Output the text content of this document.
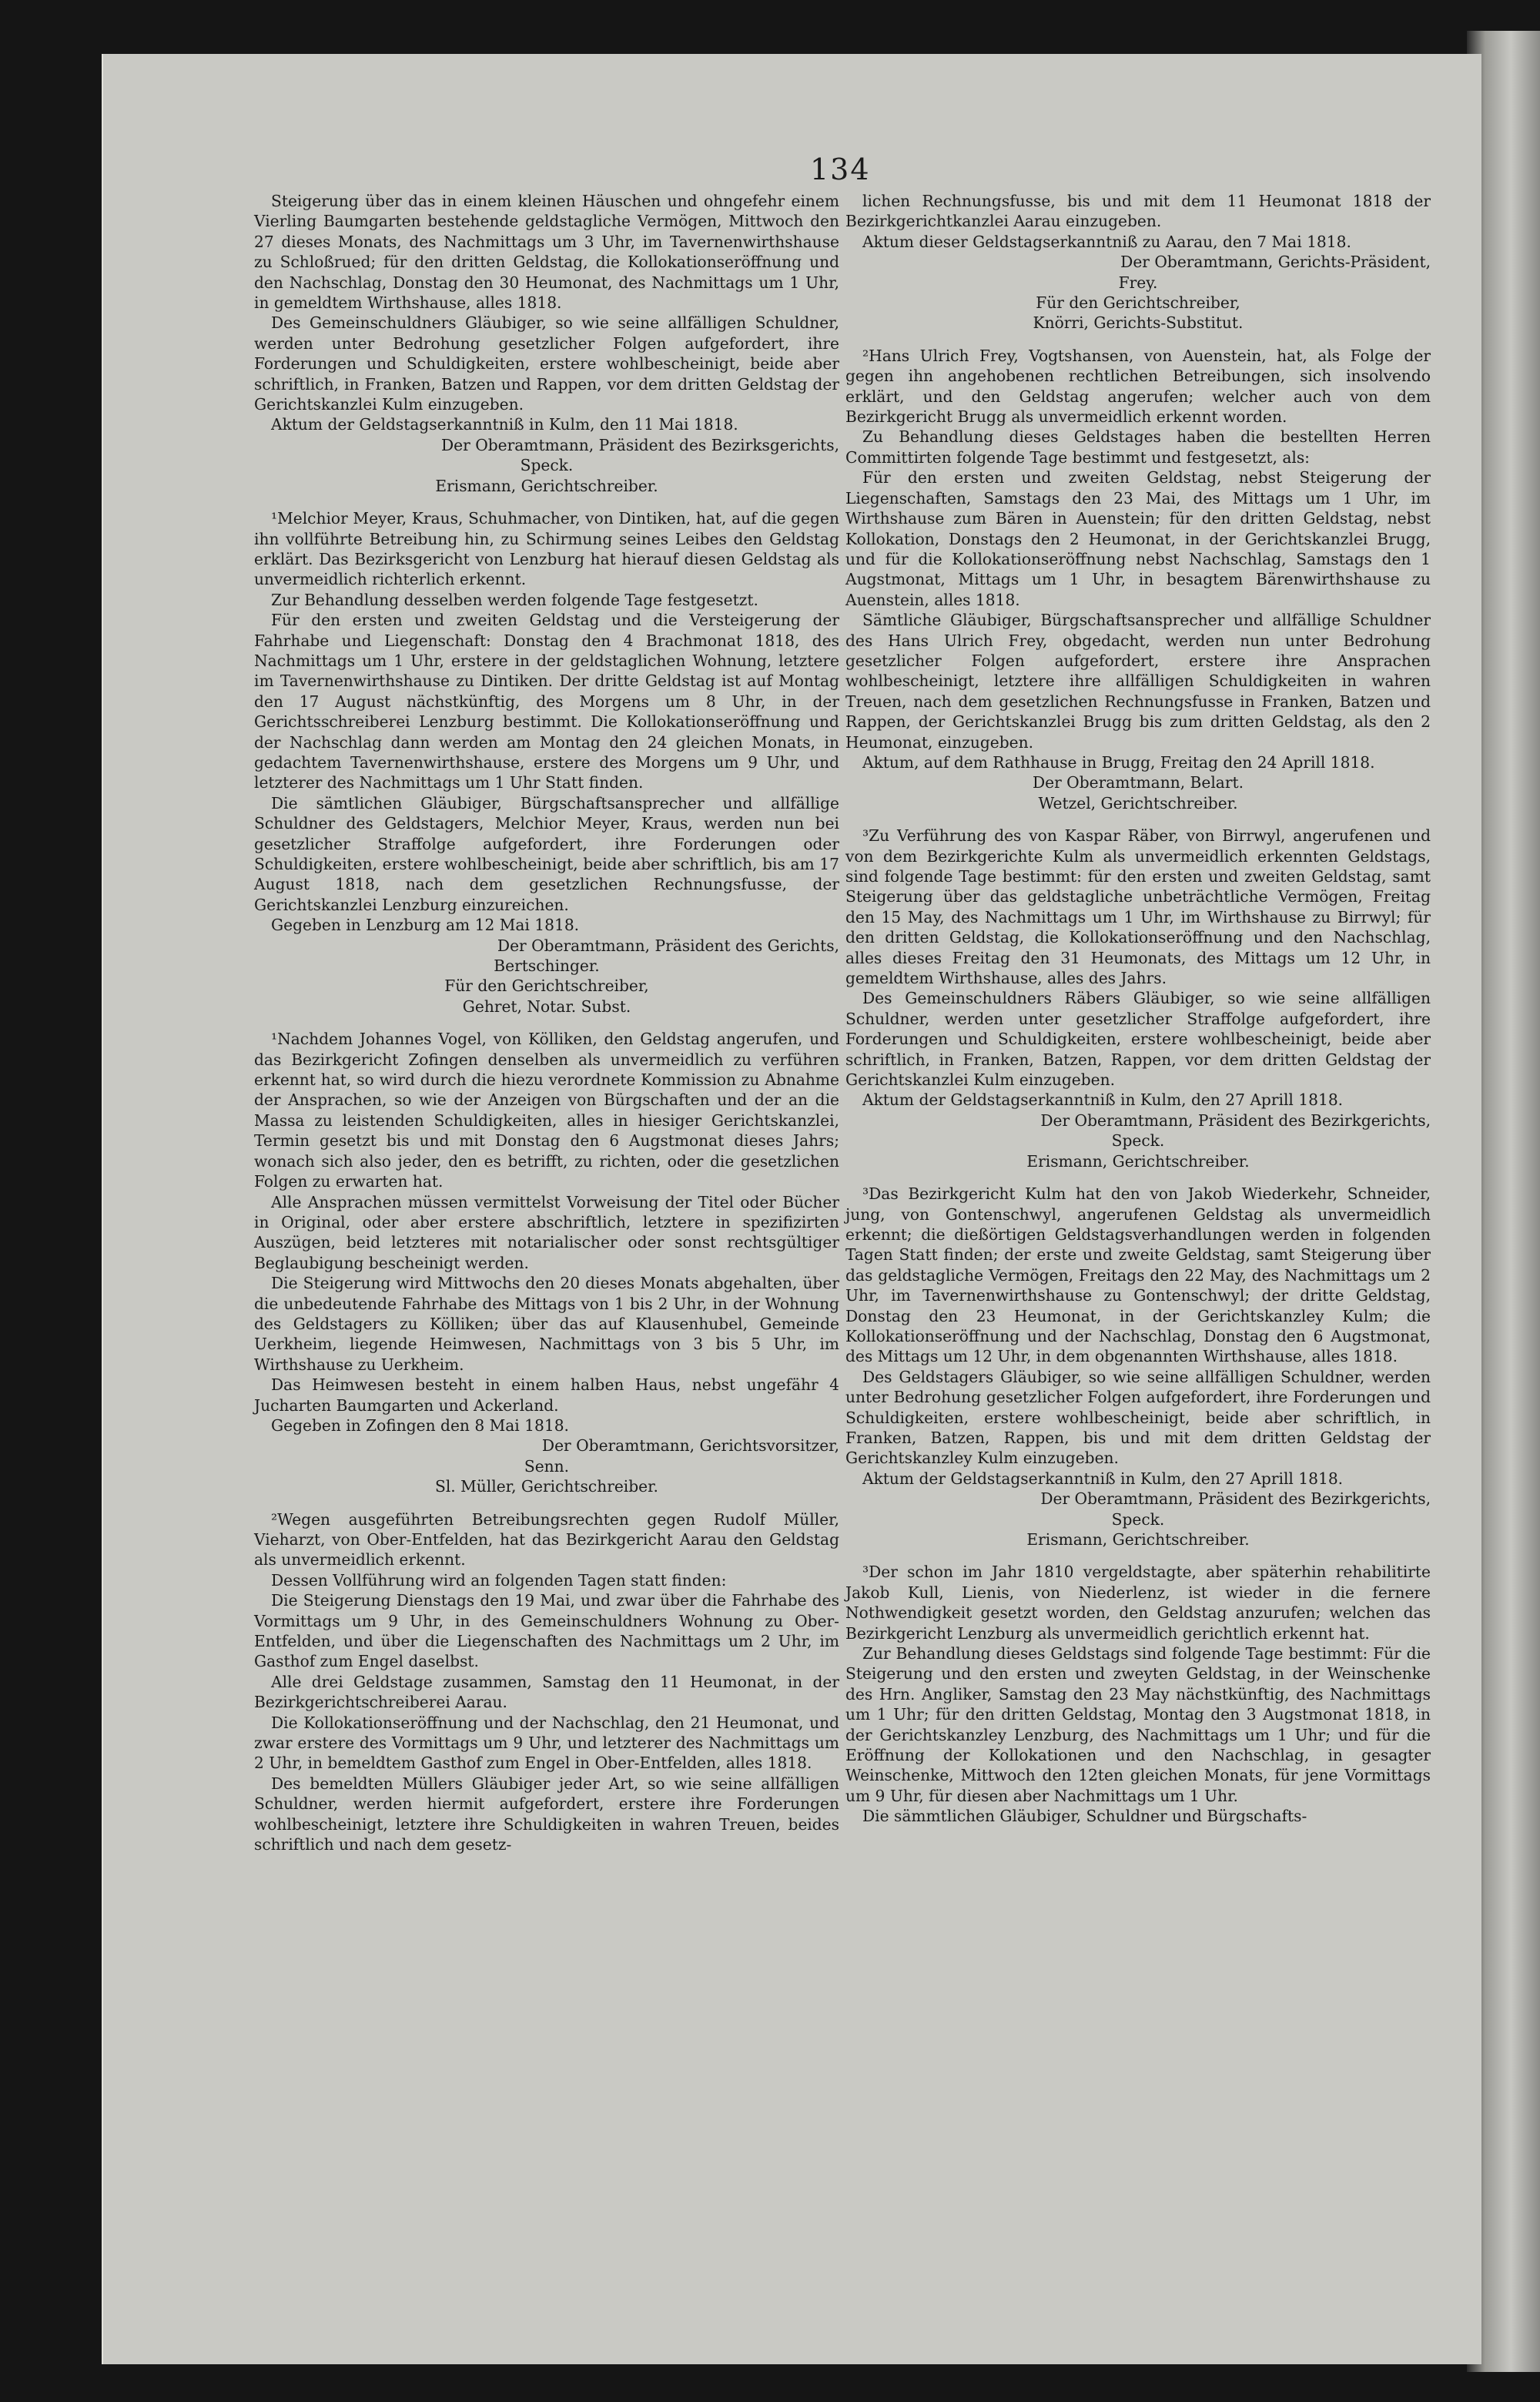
134

Steigerung über das in einem kleinen Häuschen und ohngefehr einem Vierling Baumgarten bestehende geldstagliche Vermögen, Mittwoch den 27 dieses Monats, des Nachmittags um 3 Uhr, im Tavernenwirthshause zu Schloßrued; für den dritten Geldstag, die Kollokationseröffnung und den Nachschlag, Donstag den 30 Heumonat, des Nachmittags um 1 Uhr, in gemeldtem Wirthshause, alles 1818.

Des Gemeinschuldners Gläubiger, so wie seine allfälligen Schuldner, werden unter Bedrohung gesetzlicher Folgen aufgefordert, ihre Forderungen und Schuldigkeiten, erstere wohlbescheinigt, beide aber schriftlich, in Franken, Batzen und Rappen, vor dem dritten Geldstag der Gerichtskanzlei Kulm einzugeben.

Aktum der Geldstagserkanntniß in Kulm, den 11 Mai 1818.

Der Oberamtmann, Präsident des Bezirksgerichts,

Speck.

Erismann, Gerichtschreiber.

¹Melchior Meyer, Kraus, Schuhmacher, von Dintiken, hat, auf die gegen ihn vollführte Betreibung hin, zu Schirmung seines Leibes den Geldstag erklärt. Das Bezirksgericht von Lenzburg hat hierauf diesen Geldstag als unvermeidlich richterlich erkennt.

Zur Behandlung desselben werden folgende Tage festgesetzt.

Für den ersten und zweiten Geldstag und die Versteigerung der Fahrhabe und Liegenschaft: Donstag den 4 Brachmonat 1818, des Nachmittags um 1 Uhr, erstere in der geldstaglichen Wohnung, letztere im Tavernenwirthshause zu Dintiken. Der dritte Geldstag ist auf Montag den 17 August nächstkünftig, des Morgens um 8 Uhr, in der Gerichtsschreiberei Lenzburg bestimmt. Die Kollokationseröffnung und der Nachschlag dann werden am Montag den 24 gleichen Monats, in gedachtem Tavernenwirthshause, erstere des Morgens um 9 Uhr, und letzterer des Nachmittags um 1 Uhr Statt finden.

Die sämtlichen Gläubiger, Bürgschaftsansprecher und allfällige Schuldner des Geldstagers, Melchior Meyer, Kraus, werden nun bei gesetzlicher Straffolge aufgefordert, ihre Forderungen oder Schuldigkeiten, erstere wohlbescheinigt, beide aber schriftlich, bis am 17 August 1818, nach dem gesetzlichen Rechnungsfusse, der Gerichtskanzlei Lenzburg einzureichen.

Gegeben in Lenzburg am 12 Mai 1818.

Der Oberamtmann, Präsident des Gerichts,

Bertschinger.

Für den Gerichtschreiber,

Gehret, Notar. Subst.

¹Nachdem Johannes Vogel, von Kölliken, den Geldstag angerufen, und das Bezirkgericht Zofingen denselben als unvermeidlich zu verführen erkennt hat, so wird durch die hiezu verordnete Kommission zu Abnahme der Ansprachen, so wie der Anzeigen von Bürgschaften und der an die Massa zu leistenden Schuldigkeiten, alles in hiesiger Gerichtskanzlei, Termin gesetzt bis und mit Donstag den 6 Augstmonat dieses Jahrs; wonach sich also jeder, den es betrifft, zu richten, oder die gesetzlichen Folgen zu erwarten hat.

Alle Ansprachen müssen vermittelst Vorweisung der Titel oder Bücher in Original, oder aber erstere abschriftlich, letztere in spezifizirten Auszügen, beid letzteres mit notarialischer oder sonst rechtsgültiger Beglaubigung bescheinigt werden.

Die Steigerung wird Mittwochs den 20 dieses Monats abgehalten, über die unbedeutende Fahrhabe des Mittags von 1 bis 2 Uhr, in der Wohnung des Geldstagers zu Kölliken; über das auf Klausenhubel, Gemeinde Uerkheim, liegende Heimwesen, Nachmittags von 3 bis 5 Uhr, im Wirthshause zu Uerkheim.

Das Heimwesen besteht in einem halben Haus, nebst ungefähr 4 Jucharten Baumgarten und Ackerland.

Gegeben in Zofingen den 8 Mai 1818.

Der Oberamtmann, Gerichtsvorsitzer,

Senn.

Sl. Müller, Gerichtschreiber.

²Wegen ausgeführten Betreibungsrechten gegen Rudolf Müller, Vieharzt, von Ober-Entfelden, hat das Bezirkgericht Aarau den Geldstag als unvermeidlich erkennt.

Dessen Vollführung wird an folgenden Tagen statt finden:

Die Steigerung Dienstags den 19 Mai, und zwar über die Fahrhabe des Vormittags um 9 Uhr, in des Gemeinschuldners Wohnung zu Ober-Entfelden, und über die Liegenschaften des Nachmittags um 2 Uhr, im Gasthof zum Engel daselbst.

Alle drei Geldstage zusammen, Samstag den 11 Heumonat, in der Bezirkgerichtschreiberei Aarau.

Die Kollokationseröffnung und der Nachschlag, den 21 Heumonat, und zwar erstere des Vormittags um 9 Uhr, und letzterer des Nachmittags um 2 Uhr, in bemeldtem Gasthof zum Engel in Ober-Entfelden, alles 1818.

Des bemeldten Müllers Gläubiger jeder Art, so wie seine allfälligen Schuldner, werden hiermit aufgefordert, erstere ihre Forderungen wohlbescheinigt, letztere ihre Schuldigkeiten in wahren Treuen, beides schriftlich und nach dem gesetz-

lichen Rechnungsfusse, bis und mit dem 11 Heumonat 1818 der Bezirkgerichtkanzlei Aarau einzugeben.

Aktum dieser Geldstagserkanntniß zu Aarau, den 7 Mai 1818.

Der Oberamtmann, Gerichts-Präsident,

Frey.

Für den Gerichtschreiber,

Knörri, Gerichts-Substitut.

²Hans Ulrich Frey, Vogtshansen, von Auenstein, hat, als Folge der gegen ihn angehobenen rechtlichen Betreibungen, sich insolvendo erklärt, und den Geldstag angerufen; welcher auch von dem Bezirkgericht Brugg als unvermeidlich erkennt worden.

Zu Behandlung dieses Geldstages haben die bestellten Herren Committirten folgende Tage bestimmt und festgesetzt, als:

Für den ersten und zweiten Geldstag, nebst Steigerung der Liegenschaften, Samstags den 23 Mai, des Mittags um 1 Uhr, im Wirthshause zum Bären in Auenstein; für den dritten Geldstag, nebst Kollokation, Donstags den 2 Heumonat, in der Gerichtskanzlei Brugg, und für die Kollokationseröffnung nebst Nachschlag, Samstags den 1 Augstmonat, Mittags um 1 Uhr, in besagtem Bärenwirthshause zu Auenstein, alles 1818.

Sämtliche Gläubiger, Bürgschaftsansprecher und allfällige Schuldner des Hans Ulrich Frey, obgedacht, werden nun unter Bedrohung gesetzlicher Folgen aufgefordert, erstere ihre Ansprachen wohlbescheinigt, letztere ihre allfälligen Schuldigkeiten in wahren Treuen, nach dem gesetzlichen Rechnungsfusse in Franken, Batzen und Rappen, der Gerichtskanzlei Brugg bis zum dritten Geldstag, als den 2 Heumonat, einzugeben.

Aktum, auf dem Rathhause in Brugg, Freitag den 24 Aprill 1818.

Der Oberamtmann, Belart.

Wetzel, Gerichtschreiber.

³Zu Verführung des von Kaspar Räber, von Birrwyl, angerufenen und von dem Bezirkgerichte Kulm als unvermeidlich erkennten Geldstags, sind folgende Tage bestimmt: für den ersten und zweiten Geldstag, samt Steigerung über das geldstagliche unbeträchtliche Vermögen, Freitag den 15 May, des Nachmittags um 1 Uhr, im Wirthshause zu Birrwyl; für den dritten Geldstag, die Kollokationseröffnung und den Nachschlag, alles dieses Freitag den 31 Heumonats, des Mittags um 12 Uhr, in gemeldtem Wirthshause, alles des Jahrs.

Des Gemeinschuldners Räbers Gläubiger, so wie seine allfälligen Schuldner, werden unter gesetzlicher Straffolge aufgefordert, ihre Forderungen und Schuldigkeiten, erstere wohlbescheinigt, beide aber schriftlich, in Franken, Batzen, Rappen, vor dem dritten Geldstag der Gerichtskanzlei Kulm einzugeben.

Aktum der Geldstagserkanntniß in Kulm, den 27 Aprill 1818.

Der Oberamtmann, Präsident des Bezirkgerichts,

Speck.

Erismann, Gerichtschreiber.

³Das Bezirkgericht Kulm hat den von Jakob Wiederkehr, Schneider, jung, von Gontenschwyl, angerufenen Geldstag als unvermeidlich erkennt; die dießörtigen Geldstagsverhandlungen werden in folgenden Tagen Statt finden; der erste und zweite Geldstag, samt Steigerung über das geldstagliche Vermögen, Freitags den 22 May, des Nachmittags um 2 Uhr, im Tavernenwirthshause zu Gontenschwyl; der dritte Geldstag, Donstag den 23 Heumonat, in der Gerichtskanzley Kulm; die Kollokationseröffnung und der Nachschlag, Donstag den 6 Augstmonat, des Mittags um 12 Uhr, in dem obgenannten Wirthshause, alles 1818.

Des Geldstagers Gläubiger, so wie seine allfälligen Schuldner, werden unter Bedrohung gesetzlicher Folgen aufgefordert, ihre Forderungen und Schuldigkeiten, erstere wohlbescheinigt, beide aber schriftlich, in Franken, Batzen, Rappen, bis und mit dem dritten Geldstag der Gerichtskanzley Kulm einzugeben.

Aktum der Geldstagserkanntniß in Kulm, den 27 Aprill 1818.

Der Oberamtmann, Präsident des Bezirkgerichts,

Speck.

Erismann, Gerichtschreiber.

³Der schon im Jahr 1810 vergeldstagte, aber späterhin rehabilitirte Jakob Kull, Lienis, von Niederlenz, ist wieder in die fernere Nothwendigkeit gesetzt worden, den Geldstag anzurufen; welchen das Bezirkgericht Lenzburg als unvermeidlich gerichtlich erkennt hat.

Zur Behandlung dieses Geldstags sind folgende Tage bestimmt: Für die Steigerung und den ersten und zweyten Geldstag, in der Weinschenke des Hrn. Angliker, Samstag den 23 May nächstkünftig, des Nachmittags um 1 Uhr; für den dritten Geldstag, Montag den 3 Augstmonat 1818, in der Gerichtskanzley Lenzburg, des Nachmittags um 1 Uhr; und für die Eröffnung der Kollokationen und den Nachschlag, in gesagter Weinschenke, Mittwoch den 12ten gleichen Monats, für jene Vormittags um 9 Uhr, für diesen aber Nachmittags um 1 Uhr.

Die sämmtlichen Gläubiger, Schuldner und Bürgschafts-
